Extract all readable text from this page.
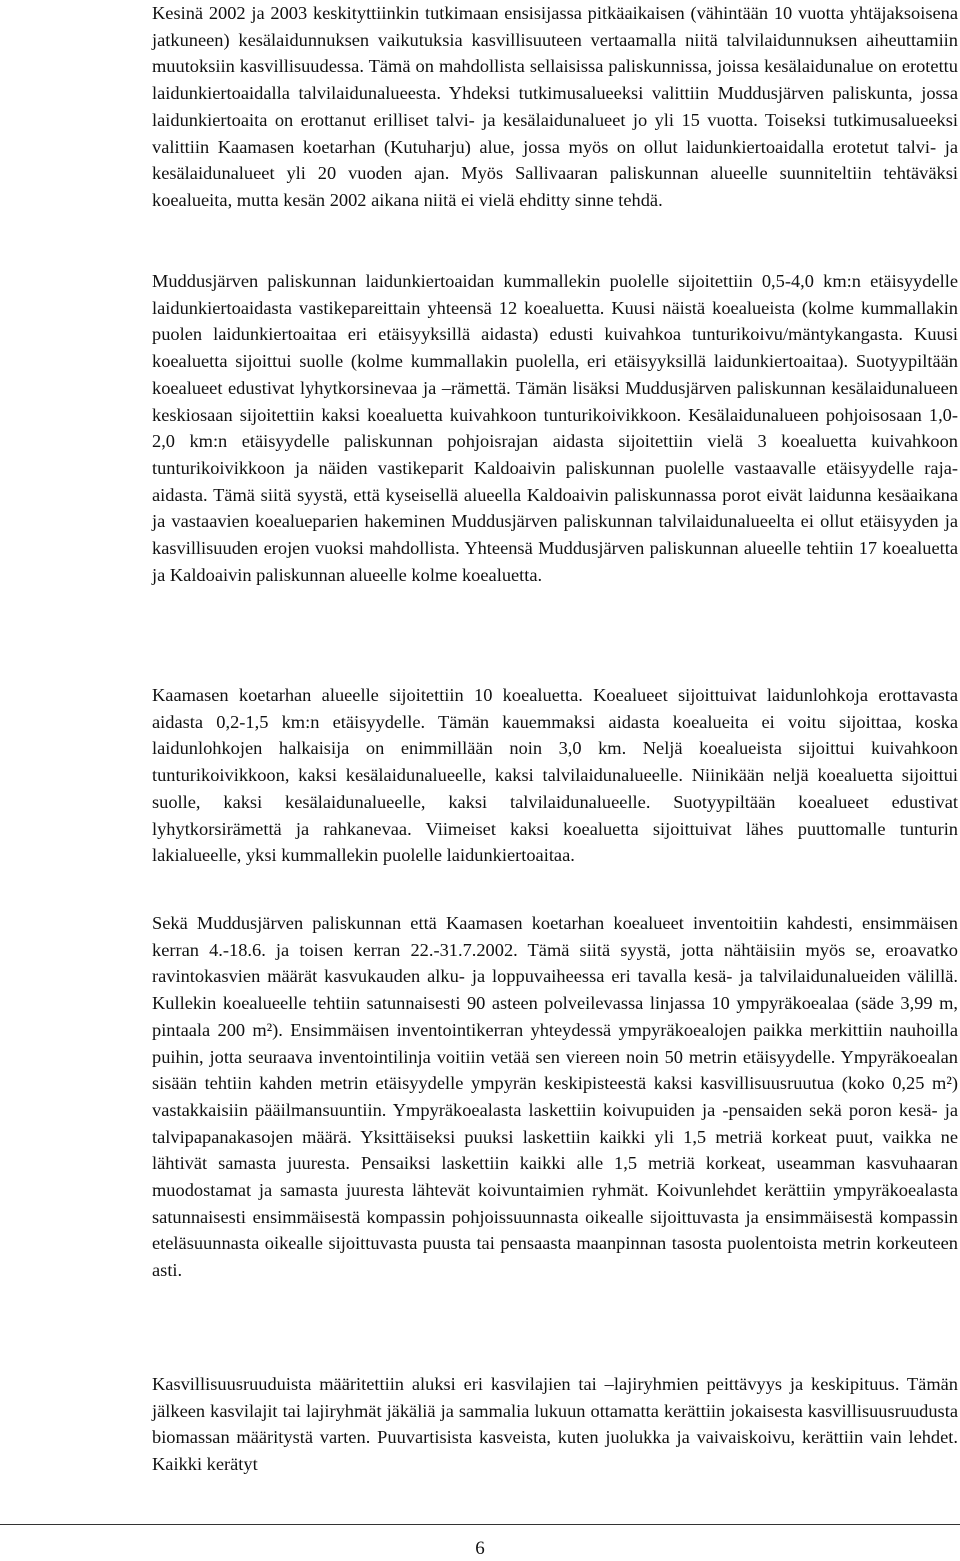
Kesinä 2002 ja 2003 keskityttiinkin tutkimaan ensisijassa pitkäaikaisen (vähintään 10 vuotta yhtäjaksoisena jatkuneen) kesälaidunnuksen vaikutuksia kasvillisuuteen vertaamalla niitä talvilaidunnuksen aiheuttamiin muutoksiin kasvillisuudessa. Tämä on mahdollista sellaisissa paliskunnissa, joissa kesälaidunalue on erotettu laidunkiertoaidalla talvilaidunalueesta. Yhdeksi tutkimusalueeksi valittiin Muddusjärven paliskunta, jossa laidunkiertoaita on erottanut erilliset talvi- ja kesälaidunalueet jo yli 15 vuotta. Toiseksi tutkimusalueeksi valittiin Kaamasen koetarhan (Kutuharju) alue, jossa myös on ollut laidunkiertoaidalla erotetut talvi- ja kesälaidunalueet yli 20 vuoden ajan. Myös Sallivaaran paliskunnan alueelle suunniteltiin tehtäväksi koealueita, mutta kesän 2002 aikana niitä ei vielä ehditty sinne tehdä.

Muddusjärven paliskunnan laidunkiertoaidan kummallekin puolelle sijoitettiin 0,5-4,0 km:n etäisyydelle laidunkiertoaidasta vastikepareittain yhteensä 12 koealuetta. Kuusi näistä koealueista (kolme kummallakin puolen laidunkiertoaitaa eri etäisyyksillä aidasta) edusti kuivahkoa tunturikoivu/mäntykangasta. Kuusi koealuetta sijoittui suolle (kolme kummallakin puolella, eri etäisyyksillä laidunkiertoaitaa). Suotyypiltään koealueet edustivat lyhytkorsinevaa ja –rämettä. Tämän lisäksi Muddusjärven paliskunnan kesälaidunalueen keskiosaan sijoitettiin kaksi koealuetta kuivahkoon tunturikoivikkoon. Kesälaidunalueen pohjoisosaan 1,0-2,0 km:n etäisyydelle paliskunnan pohjoisrajan aidasta sijoitettiin vielä 3 koealuetta kuivahkoon tunturikoivikkoon ja näiden vastikeparit Kaldoaivin paliskunnan puolelle vastaavalle etäisyydelle raja-aidasta. Tämä siitä syystä, että kyseisellä alueella Kaldoaivin paliskunnassa porot eivät laidunna kesäaikana ja vastaavien koealueparien hakeminen Muddusjärven paliskunnan talvilaidunalueelta ei ollut etäisyyden ja kasvillisuuden erojen vuoksi mahdollista. Yhteensä Muddusjärven paliskunnan alueelle tehtiin 17 koealuetta ja Kaldoaivin paliskunnan alueelle kolme koealuetta.

Kaamasen koetarhan alueelle sijoitettiin 10 koealuetta. Koealueet sijoittuivat laidunlohkoja erottavasta aidasta 0,2-1,5 km:n etäisyydelle. Tämän kauemmaksi aidasta koealueita ei voitu sijoittaa, koska laidunlohkojen halkaisija on enimmillään noin 3,0 km. Neljä koealueista sijoittui kuivahkoon tunturikoivikkoon, kaksi kesälaidunalueelle, kaksi talvilaidunalueelle. Niinikään neljä koealuetta sijoittui suolle, kaksi kesälaidunalueelle, kaksi talvilaidunalueelle. Suotyypiltään koealueet edustivat lyhytkorsirämettä ja rahkanevaa. Viimeiset kaksi koealuetta sijoittuivat lähes puuttomalle tunturin lakialueelle, yksi kummallekin puolelle laidunkiertoaitaa.

Sekä Muddusjärven paliskunnan että Kaamasen koetarhan koealueet inventoitiin kahdesti, ensimmäisen kerran 4.-18.6. ja toisen kerran 22.-31.7.2002. Tämä siitä syystä, jotta nähtäisiin myös se, eroavatko ravintokasvien määrät kasvukauden alku- ja loppuvaiheessa eri tavalla kesä- ja talvilaidunalueiden välillä. Kullekin koealueelle tehtiin satunnaisesti 90 asteen polveilevassa linjassa 10 ympyräkoealaa (säde 3,99 m, pintaala 200 m²). Ensimmäisen inventointikerran yhteydessä ympyräkoealojen paikka merkittiin nauhoilla puihin, jotta seuraava inventointilinja voitiin vetää sen viereen noin 50 metrin etäisyydelle. Ympyräkoealan sisään tehtiin kahden metrin etäisyydelle ympyrän keskipisteestä kaksi kasvillisuusruutua (koko 0,25 m²) vastakkaisiin pääilmansuuntiin. Ympyräkoealasta laskettiin koivupuiden ja -pensaiden sekä poron kesä- ja talvipapanakasojen määrä. Yksittäiseksi puuksi laskettiin kaikki yli 1,5 metriä korkeat puut, vaikka ne lähtivät samasta juuresta. Pensaiksi laskettiin kaikki alle 1,5 metriä korkeat, useamman kasvuhaaran muodostamat ja samasta juuresta lähtevät koivuntaimien ryhmät. Koivunlehdet kerättiin ympyräkoealasta satunnaisesti ensimmäisestä kompassin pohjoissuunnasta oikealle sijoittuvasta ja ensimmäisestä kompassin eteläsuunnasta oikealle sijoittuvasta puusta tai pensaasta maanpinnan tasosta puolentoista metrin korkeuteen asti.

Kasvillisuusruuduista määritettiin aluksi eri kasvilajien tai –lajiryhmien peittävyys ja keskipituus. Tämän jälkeen kasvilajit tai lajiryhmät jäkäliä ja sammalia lukuun ottamatta kerättiin jokaisesta kasvillisuusruudusta biomassan määritystä varten. Puuvartisista kasveista, kuten juolukka ja vaivaiskoivu, kerättiin vain lehdet. Kaikki kerätyt

6
